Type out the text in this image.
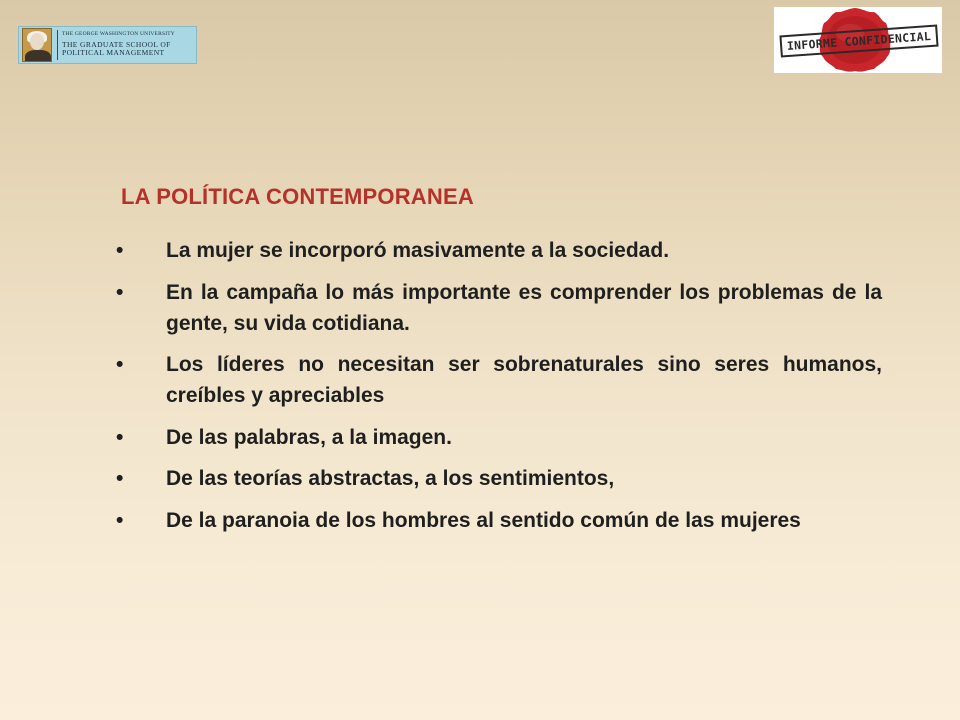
THE GEORGE WASHINGTON UNIVERSITY
THE GRADUATE SCHOOL OF
POLITICAL MANAGEMENT	INFORME CONFIDENCIAL
LA POLÍTICA CONTEMPORANEA
• La mujer se incorporó masivamente a la sociedad.
• En la campaña lo más importante es comprender los problemas de la gente, su vida cotidiana.
• Los líderes no necesitan ser sobrenaturales sino seres humanos, creíbles y apreciables
• De las palabras, a la imagen.
• De las teorías abstractas, a los sentimientos,
• De la paranoia de los hombres al sentido común de las mujeres
